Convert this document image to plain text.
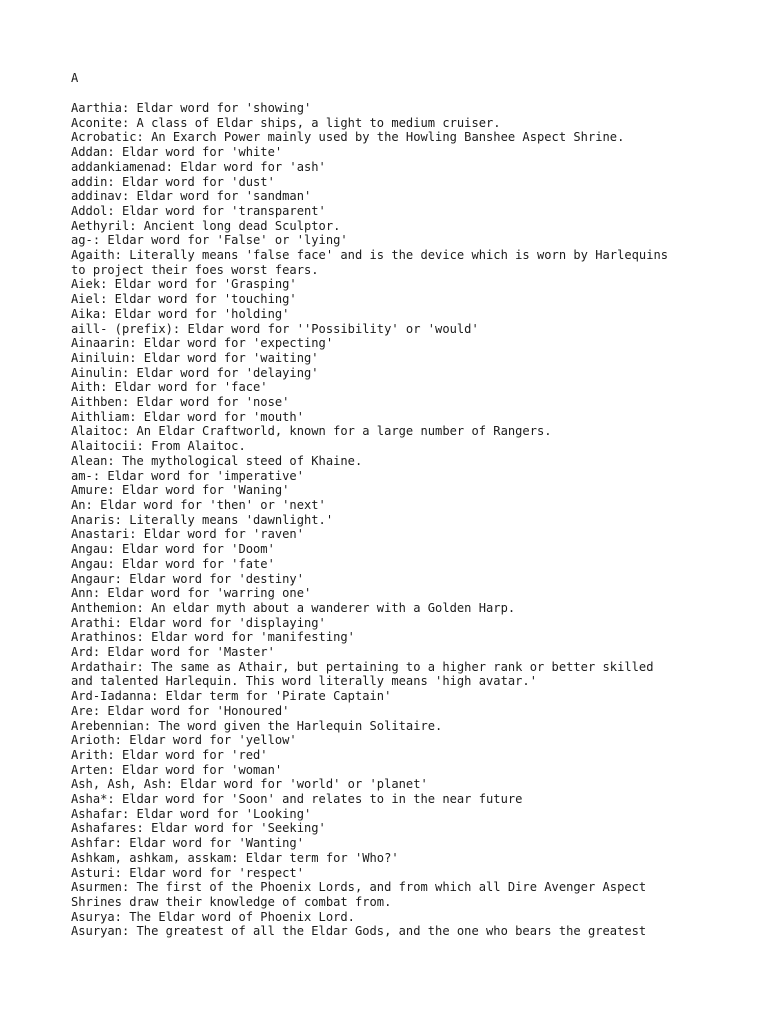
A
Aarthia: Eldar word for 'showing'
Aconite: A class of Eldar ships, a light to medium cruiser.
Acrobatic: An Exarch Power mainly used by the Howling Banshee Aspect Shrine.
Addan: Eldar word for 'white'
addankiamenad: Eldar word for 'ash'
addin: Eldar word for 'dust'
addinav: Eldar word for 'sandman'
Addol: Eldar word for 'transparent'
Aethyril: Ancient long dead Sculptor.
ag-: Eldar word for 'False' or 'lying'
Agaith: Literally means 'false face' and is the device which is worn by Harlequins
to project their foes worst fears.
Aiek: Eldar word for 'Grasping'
Aiel: Eldar word for 'touching'
Aika: Eldar word for 'holding'
aill- (prefix): Eldar word for ''Possibility' or 'would'
Ainaarin: Eldar word for 'expecting'
Ainiluin: Eldar word for 'waiting'
Ainulin: Eldar word for 'delaying'
Aith: Eldar word for 'face'
Aithben: Eldar word for 'nose'
Aithliam: Eldar word for 'mouth'
Alaitoc: An Eldar Craftworld, known for a large number of Rangers.
Alaitocii: From Alaitoc.
Alean: The mythological steed of Khaine.
am-: Eldar word for 'imperative'
Amure: Eldar word for 'Waning'
An: Eldar word for 'then' or 'next'
Anaris: Literally means 'dawnlight.'
Anastari: Eldar word for 'raven'
Angau: Eldar word for 'Doom'
Angau: Eldar word for 'fate'
Angaur: Eldar word for 'destiny'
Ann: Eldar word for 'warring one'
Anthemion: An eldar myth about a wanderer with a Golden Harp.
Arathi: Eldar word for 'displaying'
Arathinos: Eldar word for 'manifesting'
Ard: Eldar word for 'Master'
Ardathair: The same as Athair, but pertaining to a higher rank or better skilled
and talented Harlequin. This word literally means 'high avatar.'
Ard-Iadanna: Eldar term for 'Pirate Captain'
Are: Eldar word for 'Honoured'
Arebennian: The word given the Harlequin Solitaire.
Arioth: Eldar word for 'yellow'
Arith: Eldar word for 'red'
Arten: Eldar word for 'woman'
Ash, Ash, Ash: Eldar word for 'world' or 'planet'
Asha*: Eldar word for 'Soon' and relates to in the near future
Ashafar: Eldar word for 'Looking'
Ashafares: Eldar word for 'Seeking'
Ashfar: Eldar word for 'Wanting'
Ashkam, ashkam, asskam: Eldar term for 'Who?'
Asturi: Eldar word for 'respect'
Asurmen: The first of the Phoenix Lords, and from which all Dire Avenger Aspect
Shrines draw their knowledge of combat from.
Asurya: The Eldar word of Phoenix Lord.
Asuryan: The greatest of all the Eldar Gods, and the one who bears the greatest
